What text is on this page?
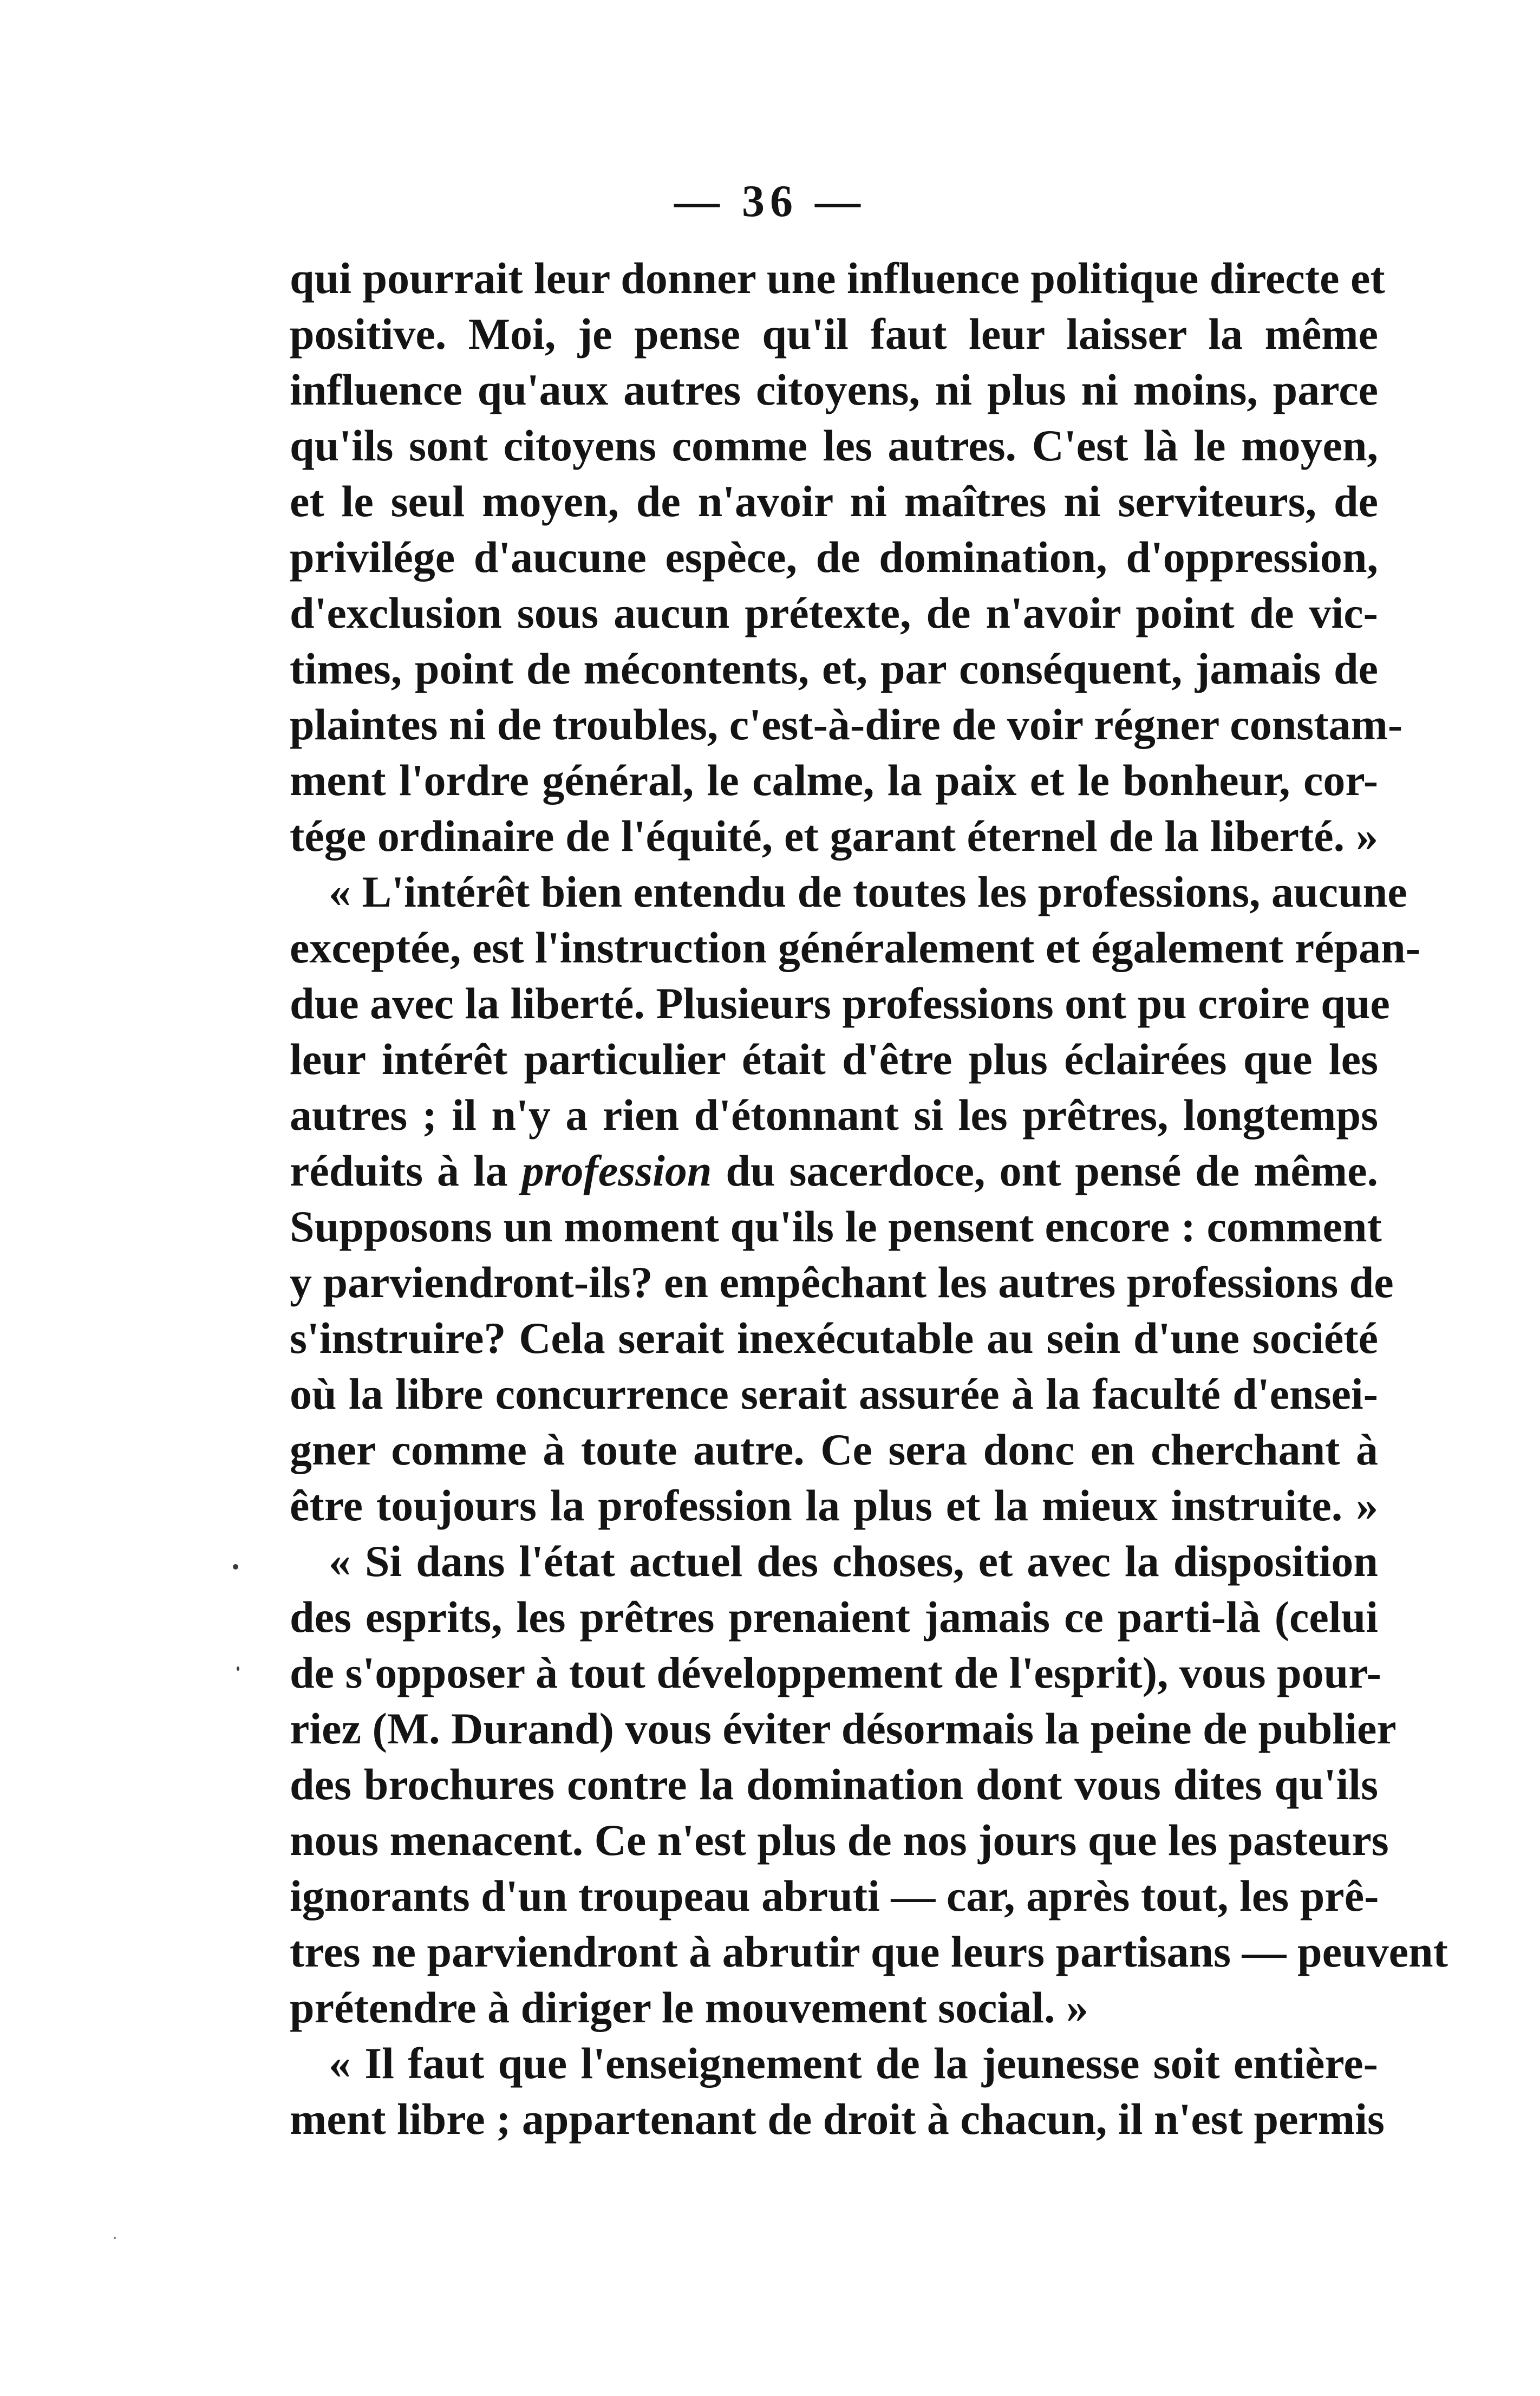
— 36 —
qui pourrait leur donner une influence politique directe et
positive. Moi, je pense qu'il faut leur laisser la même
influence qu'aux autres citoyens, ni plus ni moins, parce
qu'ils sont citoyens comme les autres. C'est là le moyen,
et le seul moyen, de n'avoir ni maîtres ni serviteurs, de
privilége d'aucune espèce, de domination, d'oppression,
d'exclusion sous aucun prétexte, de n'avoir point de vic-
times, point de mécontents, et, par conséquent, jamais de
plaintes ni de troubles, c'est-à-dire de voir régner constam-
ment l'ordre général, le calme, la paix et le bonheur, cor-
tége ordinaire de l'équité, et garant éternel de la liberté. »
« L'intérêt bien entendu de toutes les professions, aucune
exceptée, est l'instruction généralement et également répan-
due avec la liberté. Plusieurs professions ont pu croire que
leur intérêt particulier était d'être plus éclairées que les
autres ; il n'y a rien d'étonnant si les prêtres, longtemps
réduits à la profession du sacerdoce, ont pensé de même.
Supposons un moment qu'ils le pensent encore : comment
y parviendront-ils? en empêchant les autres professions de
s'instruire? Cela serait inexécutable au sein d'une société
où la libre concurrence serait assurée à la faculté d'ensei-
gner comme à toute autre. Ce sera donc en cherchant à
être toujours la profession la plus et la mieux instruite. »
« Si dans l'état actuel des choses, et avec la disposition
des esprits, les prêtres prenaient jamais ce parti-là (celui
de s'opposer à tout développement de l'esprit), vous pour-
riez (M. Durand) vous éviter désormais la peine de publier
des brochures contre la domination dont vous dites qu'ils
nous menacent. Ce n'est plus de nos jours que les pasteurs
ignorants d'un troupeau abruti — car, après tout, les prê-
tres ne parviendront à abrutir que leurs partisans — peuvent
prétendre à diriger le mouvement social. »
« Il faut que l'enseignement de la jeunesse soit entière-
ment libre ; appartenant de droit à chacun, il n'est permis
